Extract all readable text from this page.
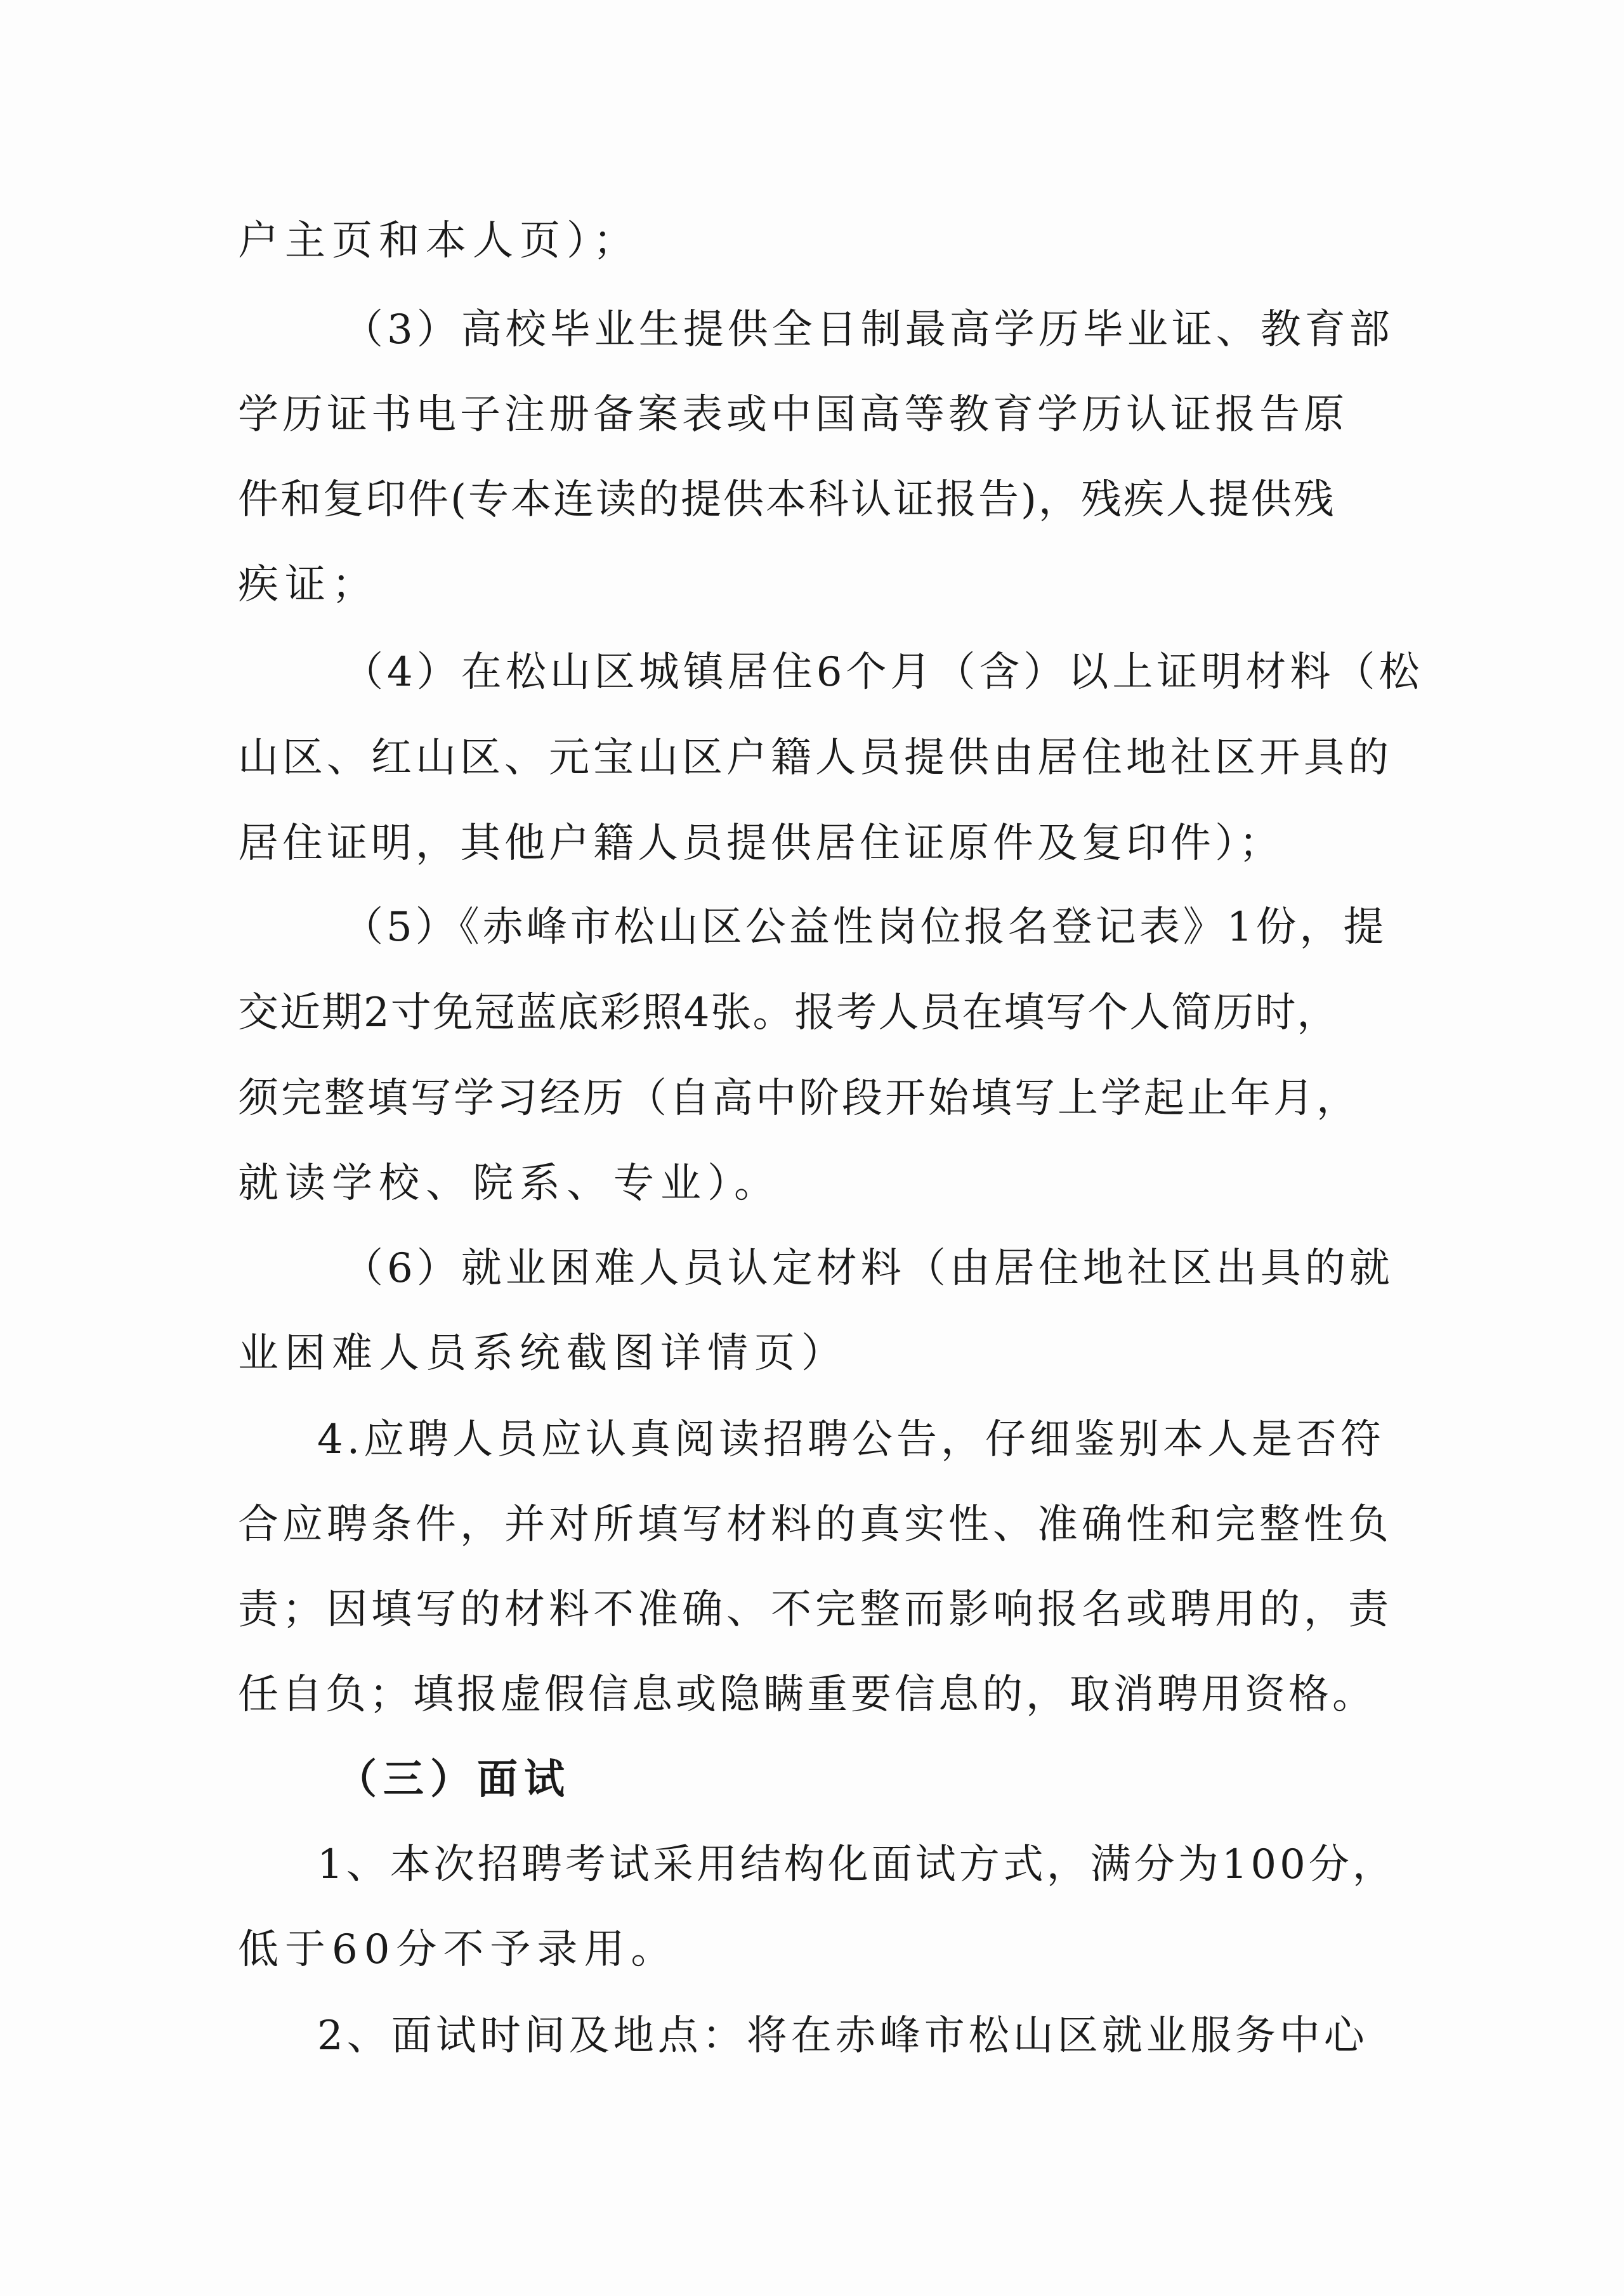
户主页和本人页）；

（3）高校毕业生提供全日制最高学历毕业证、教育部

学历证书电子注册备案表或中国高等教育学历认证报告原

件和复印件(专本连读的提供本科认证报告)，残疾人提供残

疾证；

（4）在松山区城镇居住6个月（含）以上证明材料（松

山区、红山区、元宝山区户籍人员提供由居住地社区开具的

居住证明，其他户籍人员提供居住证原件及复印件）；

（5）《赤峰市松山区公益性岗位报名登记表》1份，提

交近期2寸免冠蓝底彩照4张。报考人员在填写个人简历时，

须完整填写学习经历（自高中阶段开始填写上学起止年月，

就读学校、院系、专业）。

（6）就业困难人员认定材料（由居住地社区出具的就

业困难人员系统截图详情页）

4.应聘人员应认真阅读招聘公告，仔细鉴别本人是否符

合应聘条件，并对所填写材料的真实性、准确性和完整性负

责；因填写的材料不准确、不完整而影响报名或聘用的，责

任自负；填报虚假信息或隐瞒重要信息的，取消聘用资格。

（三）面试

1、本次招聘考试采用结构化面试方式，满分为100分，

低于60分不予录用。

2、面试时间及地点：将在赤峰市松山区就业服务中心
